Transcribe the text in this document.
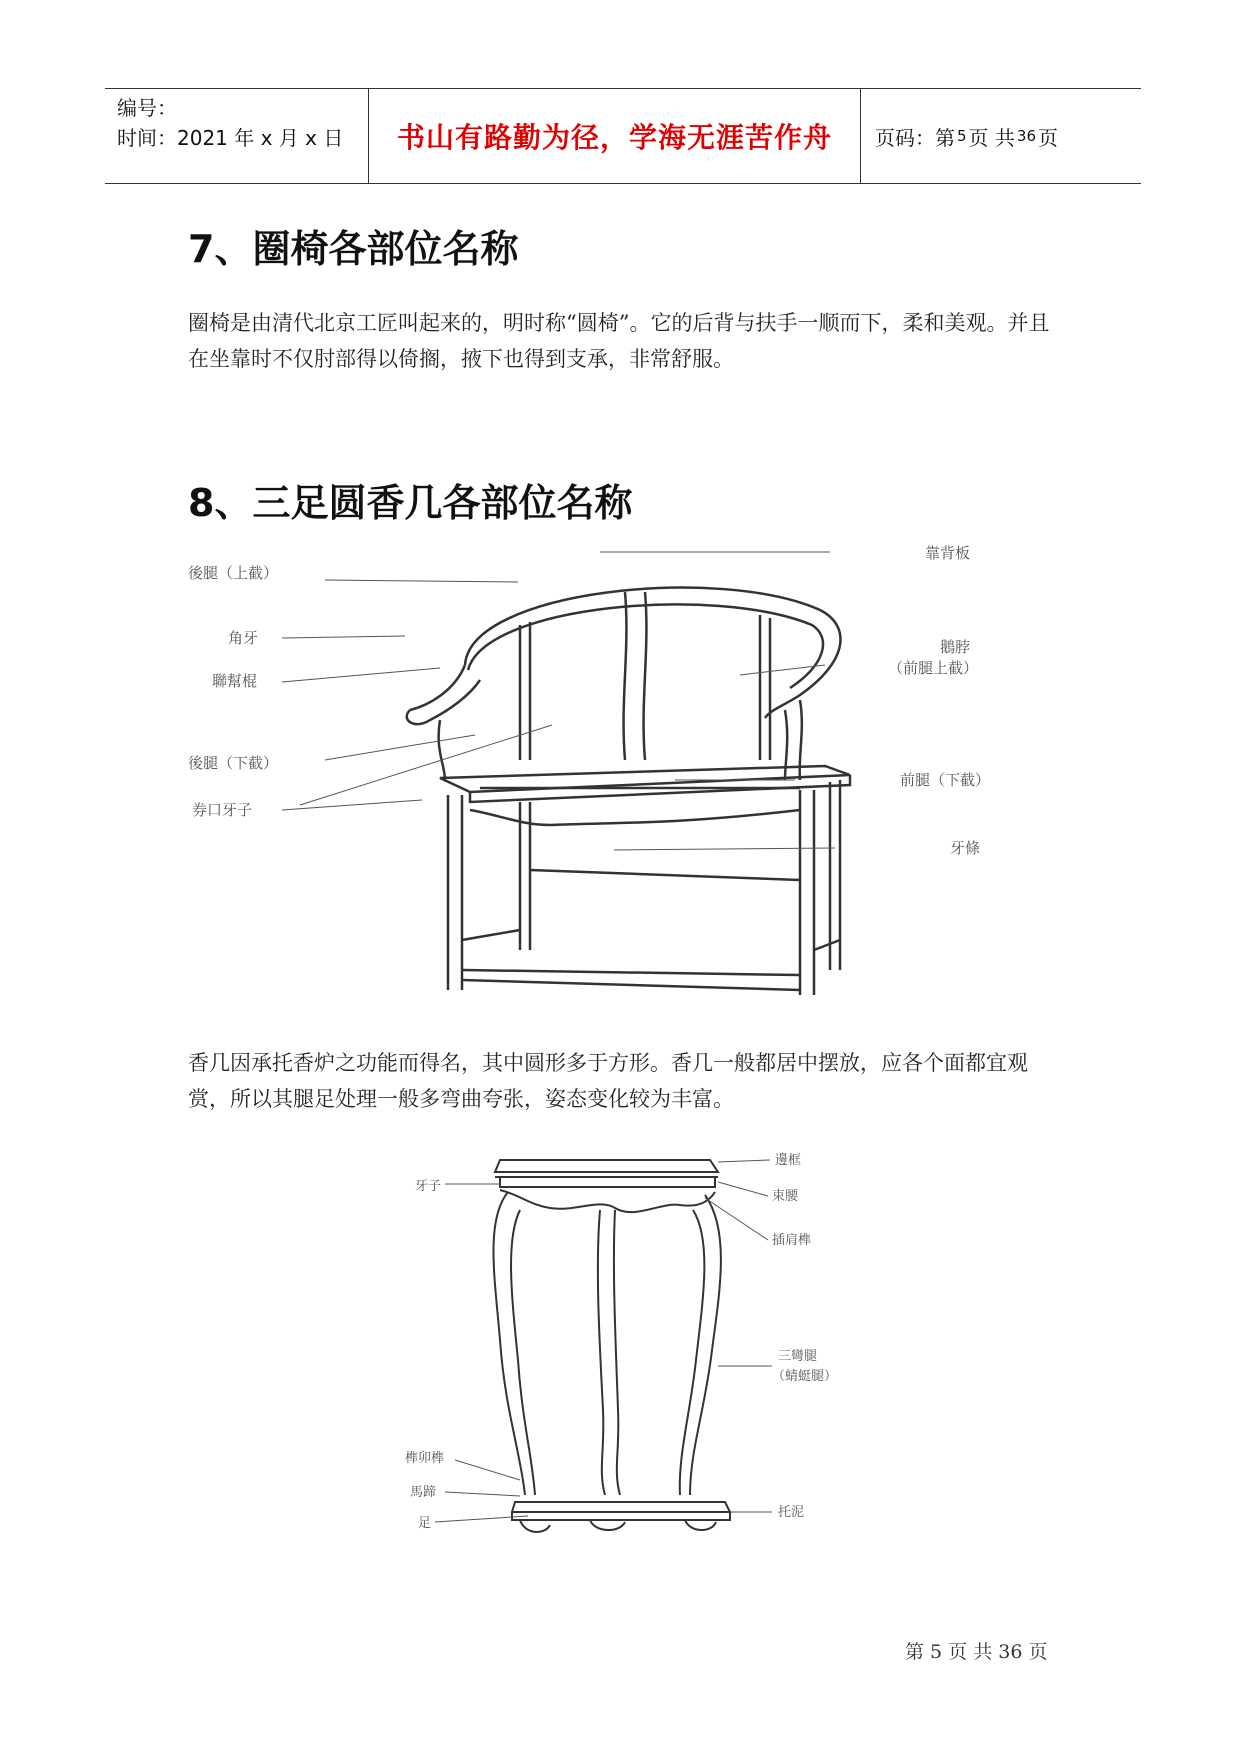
编号：
时间：2021 年 x 月 x 日	书山有路勤为径，学海无涯苦作舟	页码：第 5 页 共 36 页
7、圈椅各部位名称
圈椅是由清代北京工匠叫起来的，明时称“圆椅”。它的后背与扶手一顺而下，柔和美观。并且在坐靠时不仅肘部得以倚搁，掖下也得到支承，非常舒服。
8、三足圆香几各部位名称
後腿（上截）
角牙
聯幫棍
後腿（下截）
券口牙子
靠背板
鵝脖
（前腿上截）
前腿（下截）
牙條
香几因承托香炉之功能而得名，其中圆形多于方形。香几一般都居中摆放，应各个面都宜观赏，所以其腿足处理一般多弯曲夸张，姿态变化较为丰富。
牙子
邊框
束腰
插肩榫
三彎腿
（蜻蜓腿）
榫卯榫
馬蹄
足
托泥
第 5 页 共 36 页
